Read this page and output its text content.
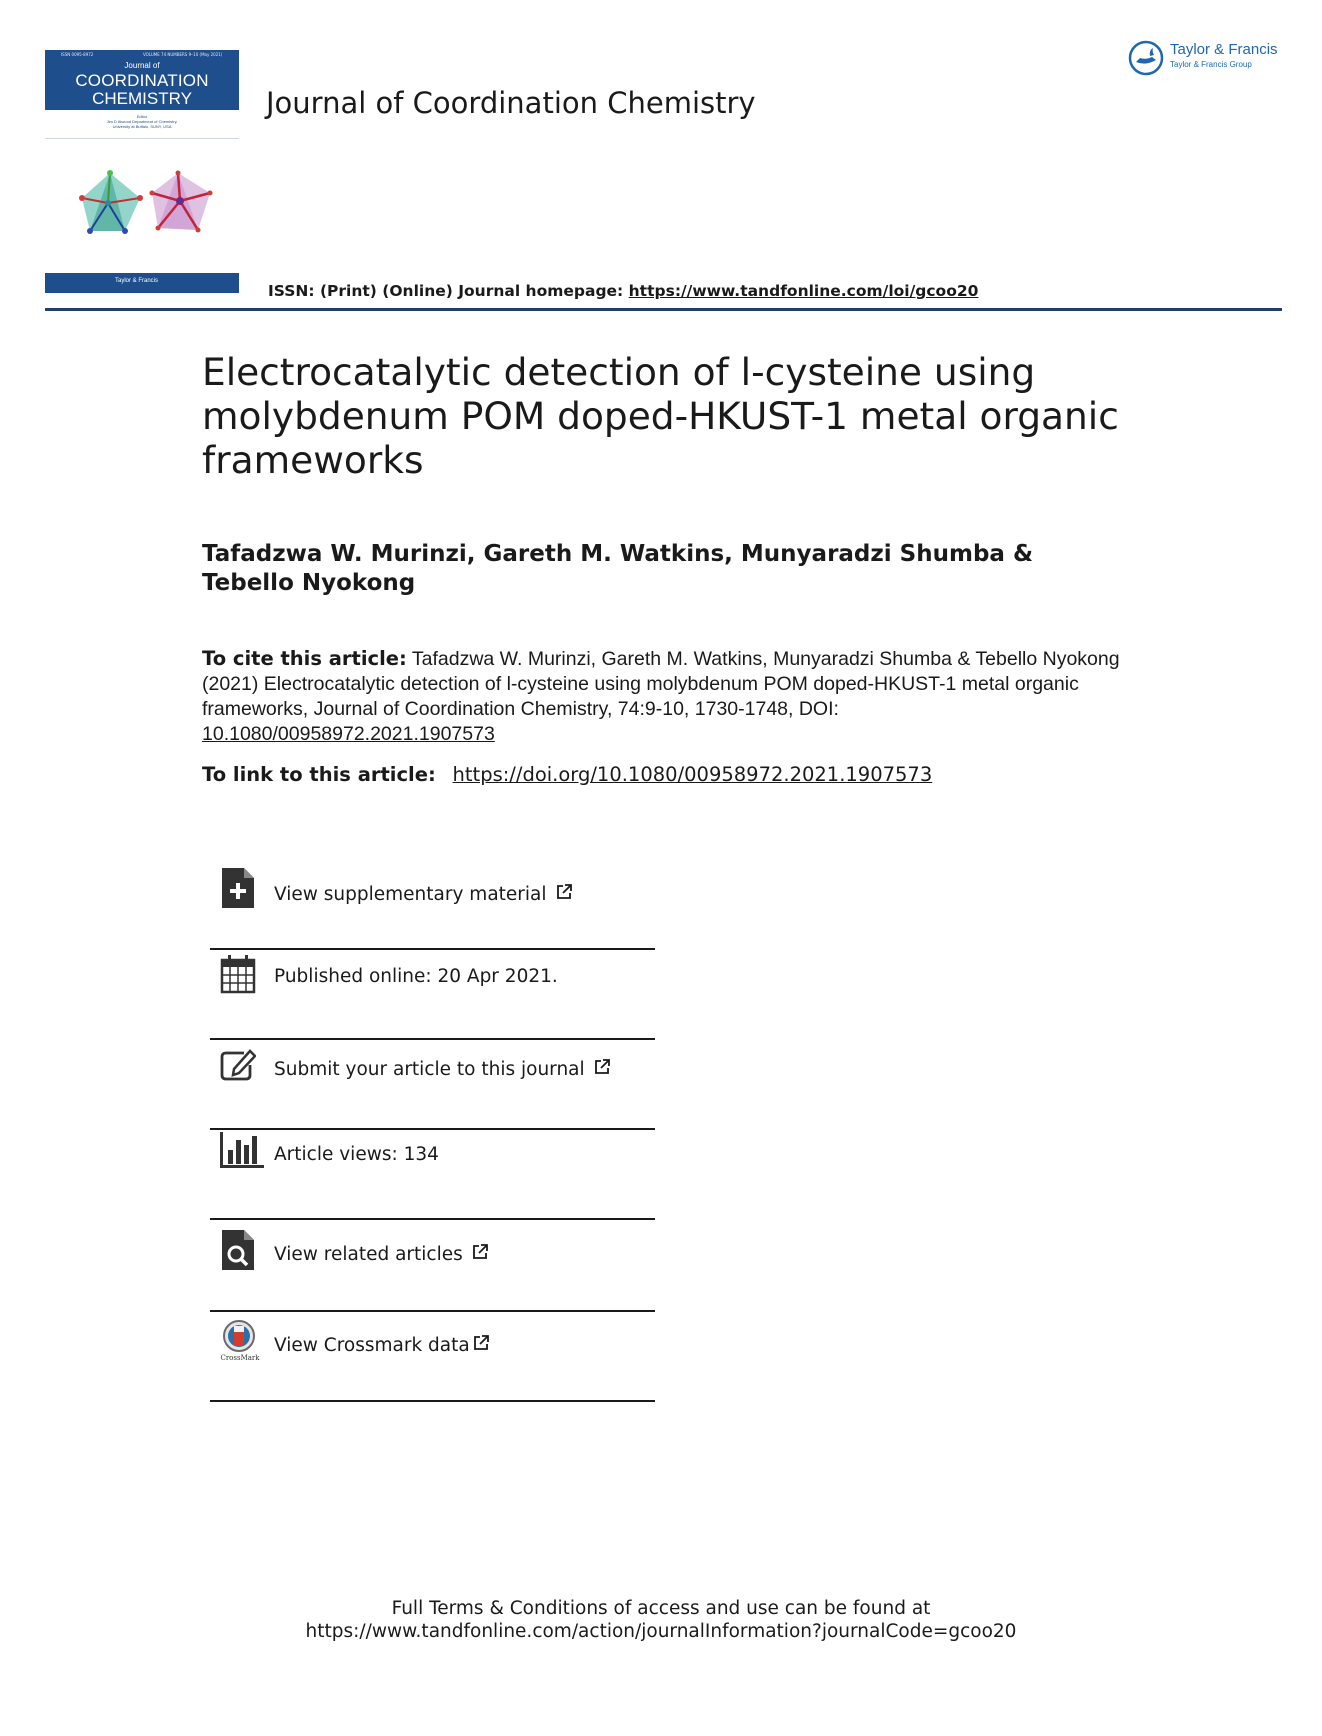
ISSN 0095-8972	VOLUME 74 NUMBERS 9–10 (May 2021)
Journal of
COORDINATION
CHEMISTRY
Editor
Jim D Atwood Department of Chemistry,
University at Buffalo, SUNY, USA
Taylor & Francis
Journal of Coordination Chemistry
Taylor & Francis
Taylor & Francis Group
ISSN: (Print) (Online) Journal homepage: https://www.tandfonline.com/loi/gcoo20
Electrocatalytic detection of l-cysteine using molybdenum POM doped-HKUST-1 metal organic frameworks
Tafadzwa W. Murinzi, Gareth M. Watkins, Munyaradzi Shumba & Tebello Nyokong
To cite this article: Tafadzwa W. Murinzi, Gareth M. Watkins, Munyaradzi Shumba & Tebello Nyokong (2021) Electrocatalytic detection of l-cysteine using molybdenum POM doped-HKUST-1 metal organic frameworks, Journal of Coordination Chemistry, 74:9-10, 1730-1748, DOI: 10.1080/00958972.2021.1907573
To link to this article: https://doi.org/10.1080/00958972.2021.1907573
View supplementary material
Published online: 20 Apr 2021.
Submit your article to this journal
Article views: 134
View related articles
CrossMark
View Crossmark data
Full Terms & Conditions of access and use can be found at
https://www.tandfonline.com/action/journalInformation?journalCode=gcoo20
